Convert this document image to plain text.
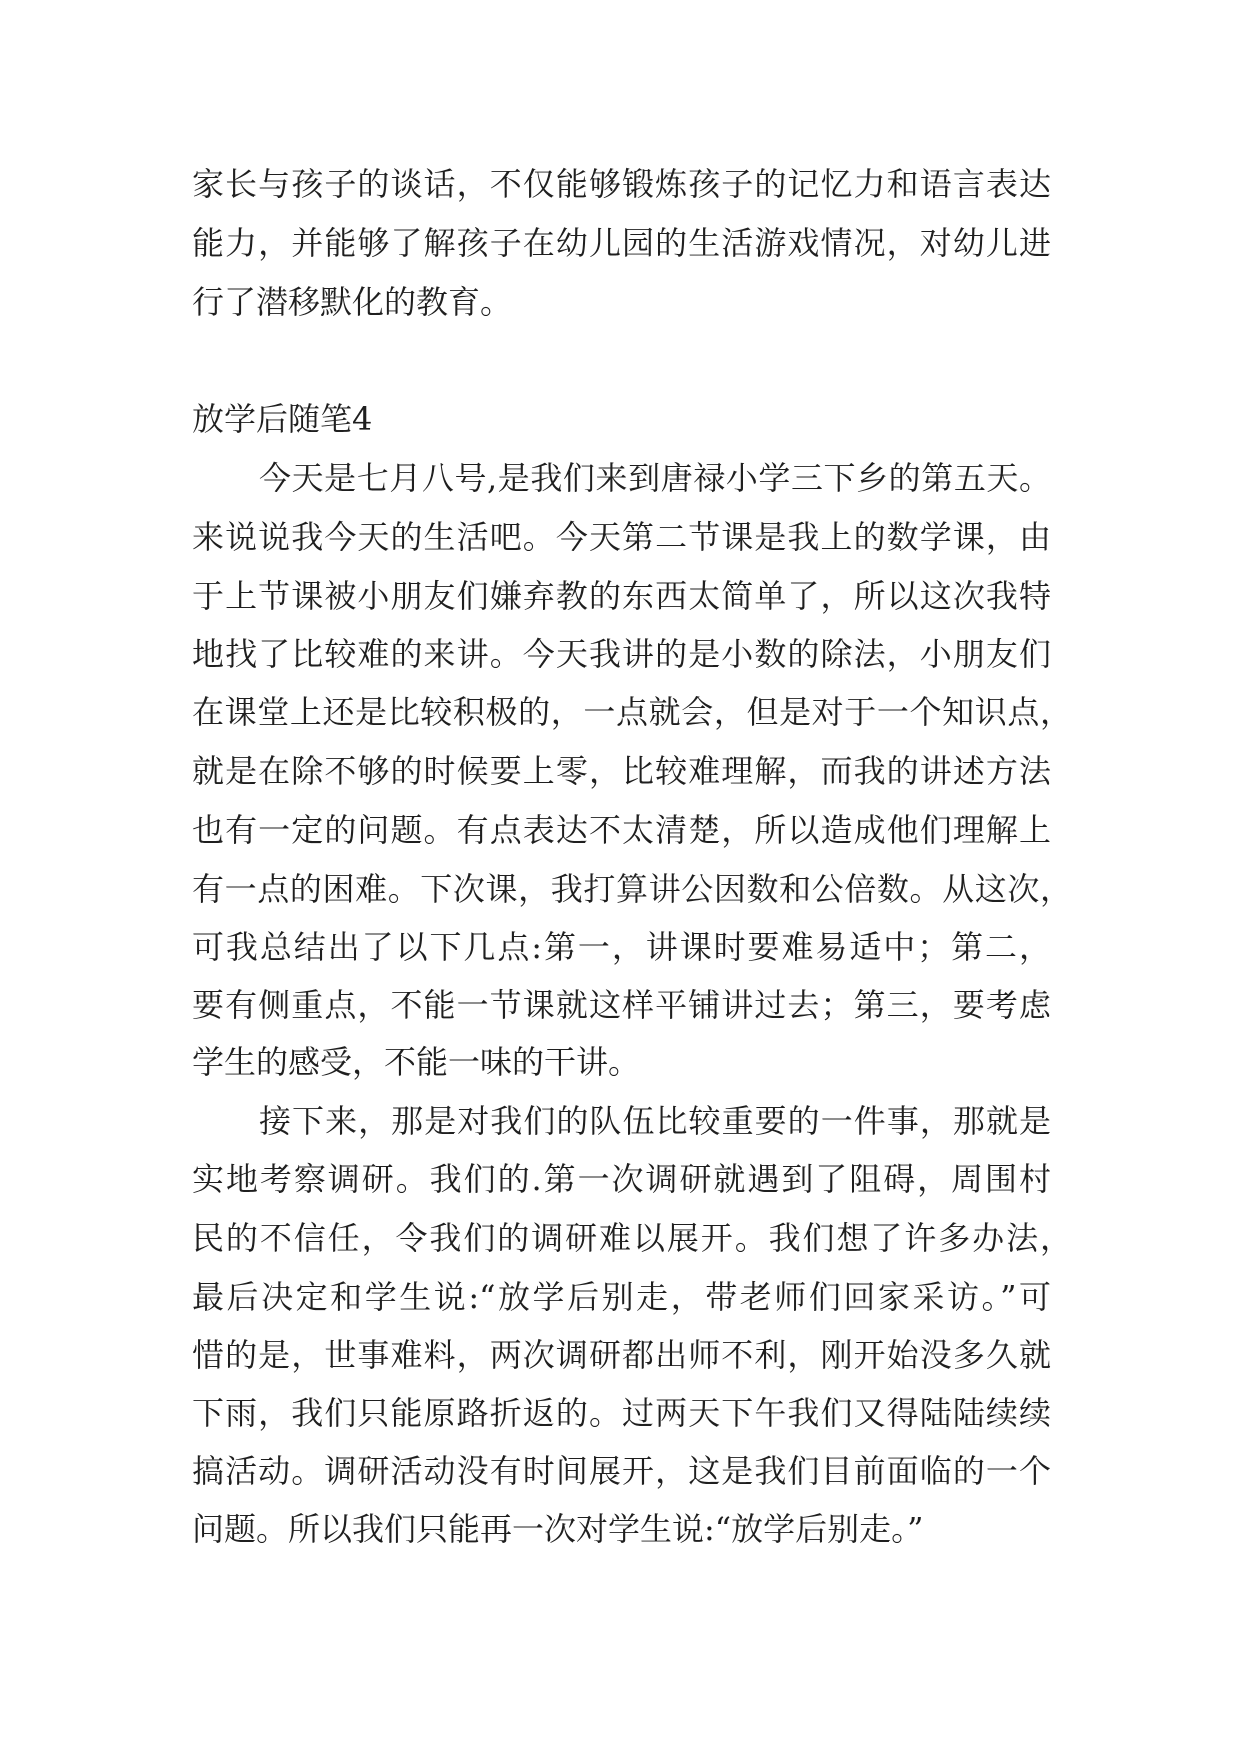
家长与孩子的谈话，不仅能够锻炼孩子的记忆力和语言表达
能力，并能够了解孩子在幼儿园的生活游戏情况，对幼儿进
行了潜移默化的教育。
放学后随笔4
今天是七月八号,是我们来到唐禄小学三下乡的第五天。
来说说我今天的生活吧。今天第二节课是我上的数学课，由
于上节课被小朋友们嫌弃教的东西太简单了，所以这次我特
地找了比较难的来讲。今天我讲的是小数的除法，小朋友们
在课堂上还是比较积极的，一点就会，但是对于一个知识点，
就是在除不够的时候要上零，比较难理解，而我的讲述方法
也有一定的问题。有点表达不太清楚，所以造成他们理解上
有一点的困难。下次课，我打算讲公因数和公倍数。从这次，
可我总结出了以下几点:第一，讲课时要难易适中；第二，
要有侧重点，不能一节课就这样平铺讲过去；第三，要考虑
学生的感受，不能一味的干讲。
接下来，那是对我们的队伍比较重要的一件事，那就是
实地考察调研。我们的.第一次调研就遇到了阻碍，周围村
民的不信任，令我们的调研难以展开。我们想了许多办法，
最后决定和学生说:“放学后别走，带老师们回家采访。”可
惜的是，世事难料，两次调研都出师不利，刚开始没多久就
下雨，我们只能原路折返的。过两天下午我们又得陆陆续续
搞活动。调研活动没有时间展开，这是我们目前面临的一个
问题。所以我们只能再一次对学生说:“放学后别走。”
